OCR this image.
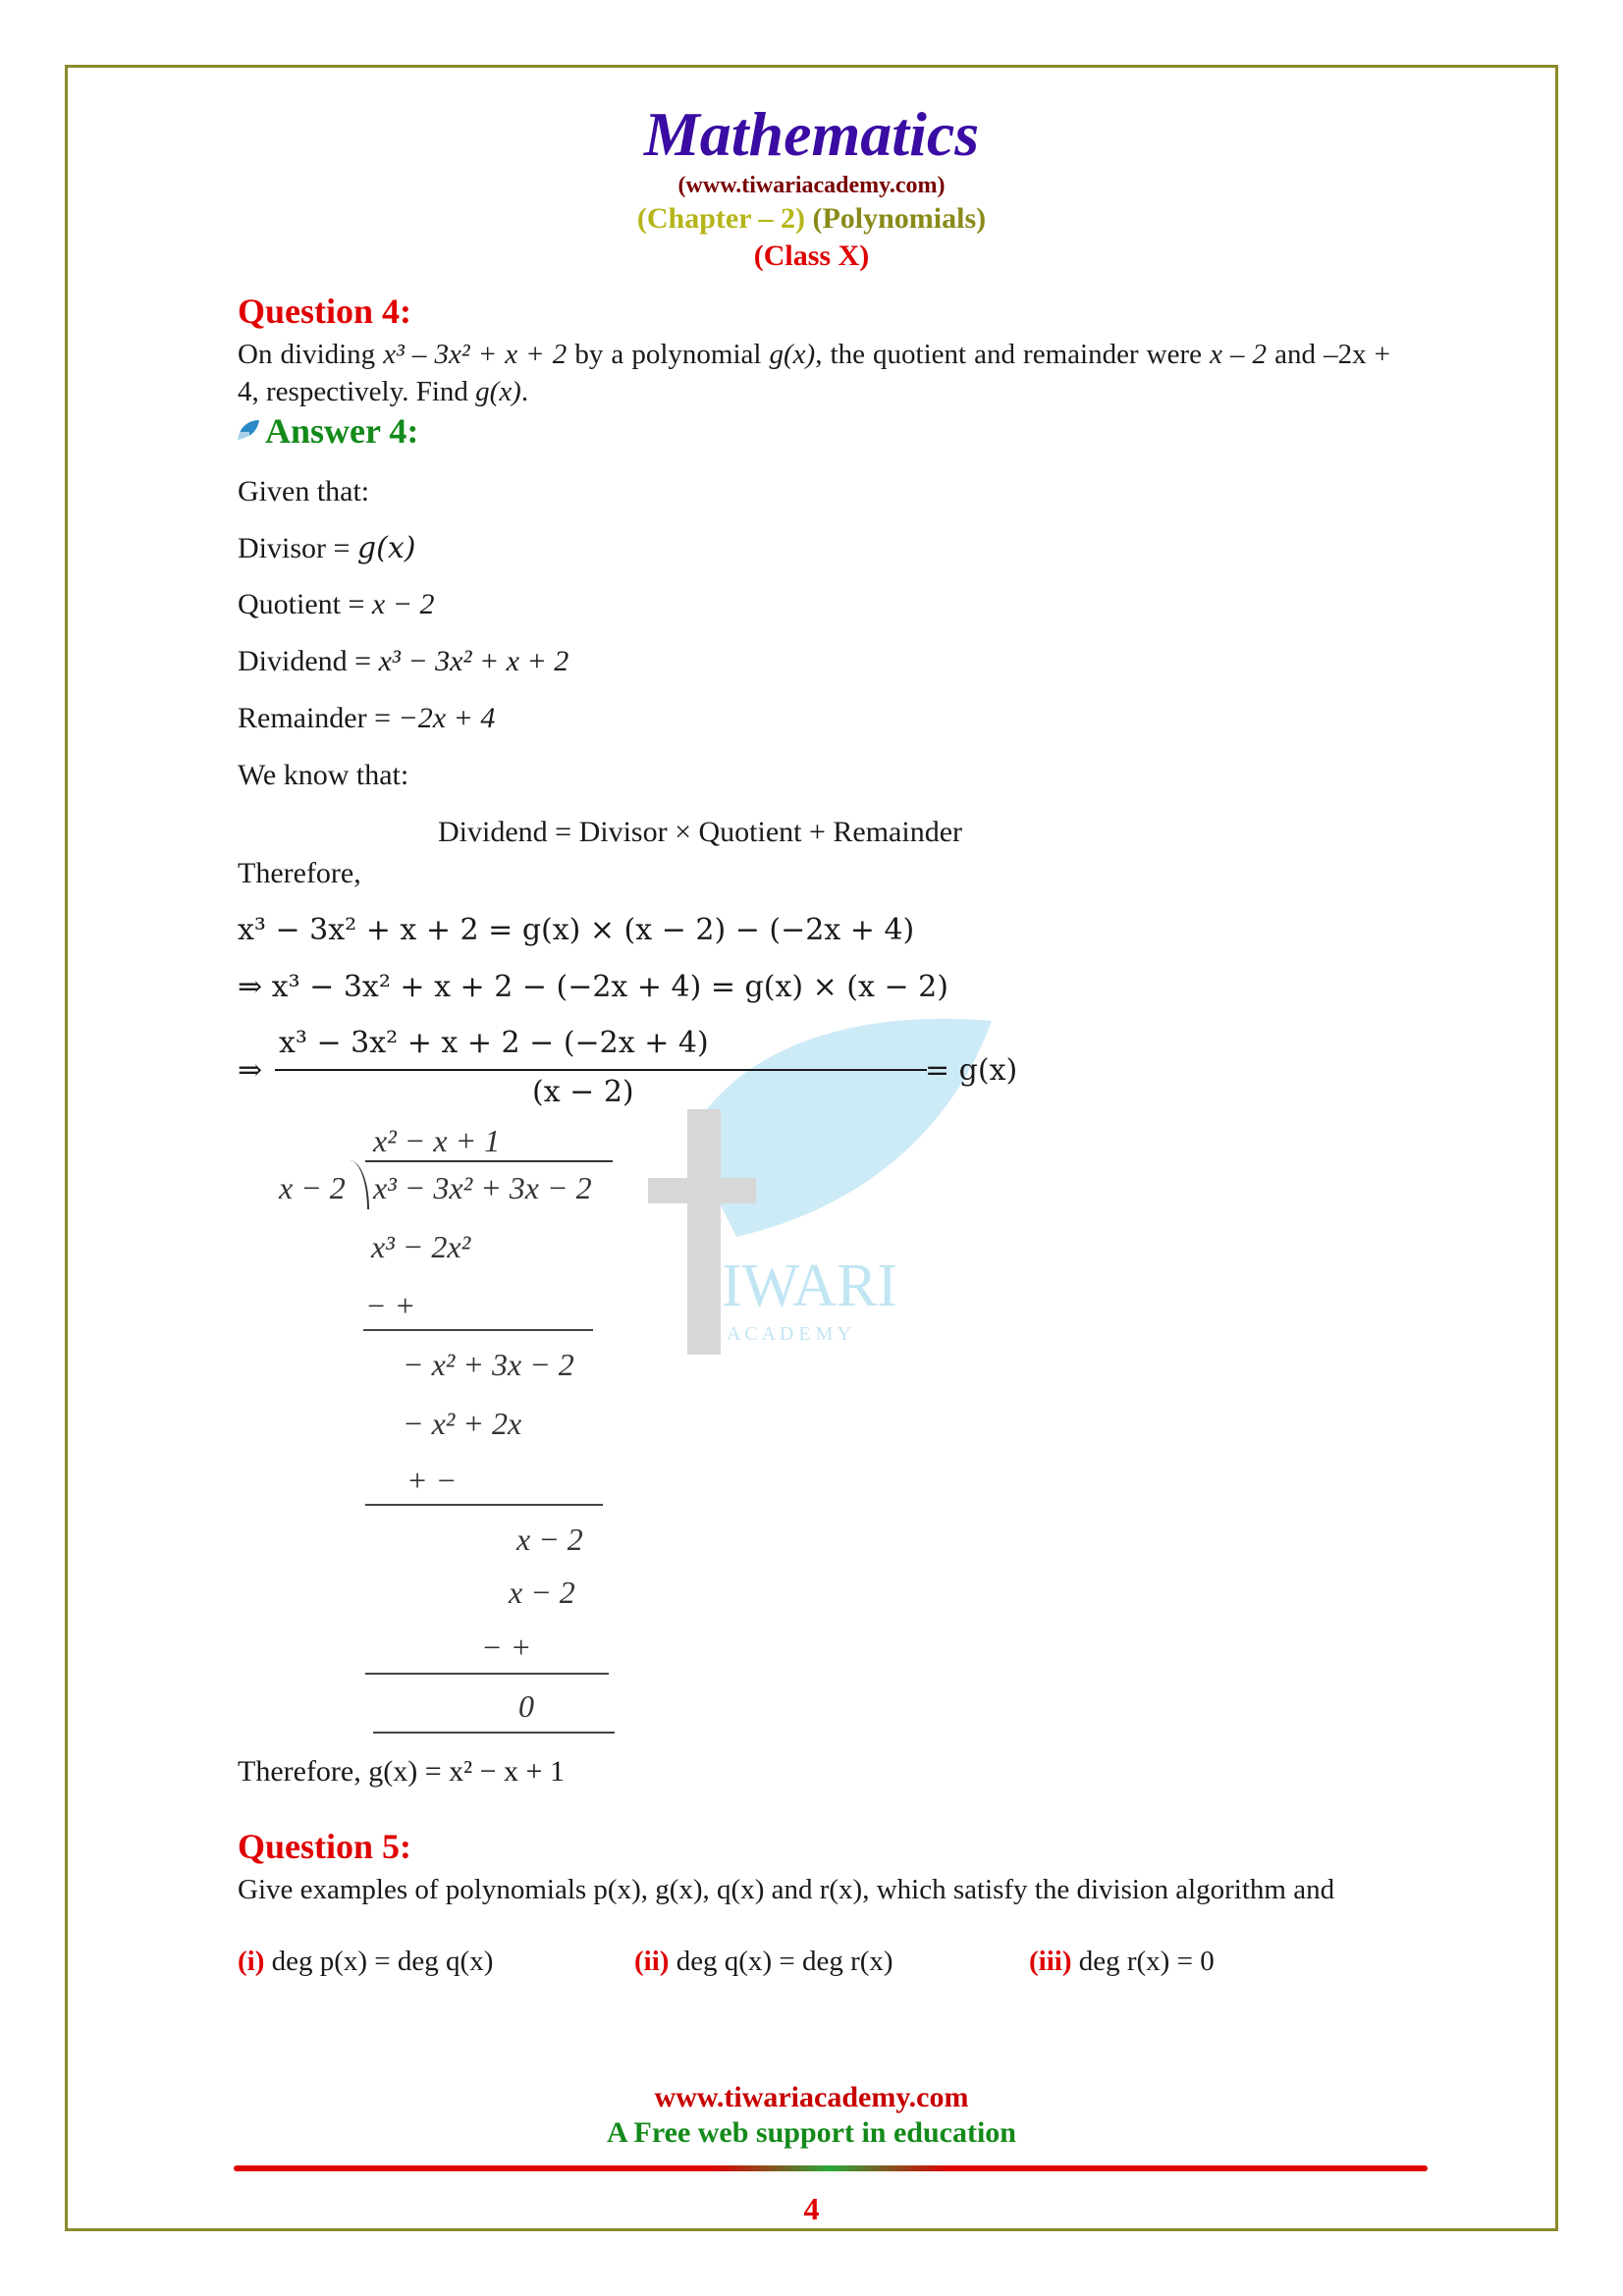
IWARI
A C A D E M Y
Mathematics
(www.tiwariacademy.com)
(Chapter – 2) (Polynomials)
(Class X)
Question 4:
On dividing x³ – 3x² + x + 2 by a polynomial g(x), the quotient and remainder were x – 2 and –2x + 4, respectively. Find g(x).
Answer 4:
Given that:
Divisor = g(x)
Quotient = x − 2
Dividend = x³ − 3x² + x + 2
Remainder = −2x + 4
We know that:
Dividend = Divisor × Quotient + Remainder
Therefore,
x³ − 3x² + x + 2 = g(x) × (x − 2) − (−2x + 4)
⇒ x³ − 3x² + x + 2 − (−2x + 4) = g(x) × (x − 2)
⇒
x³ − 3x² + x + 2 − (−2x + 4)
(x − 2)
= g(x)
x² − x + 1
x − 2 x³ − 3x² + 3x − 2
x³ − 2x²
− +
− x² + 3x − 2
− x² + 2x
+ −
x − 2
x − 2
− +
0
Therefore, g(x) = x² − x + 1
Question 5:
Give examples of polynomials p(x), g(x), q(x) and r(x), which satisfy the division algorithm and
(i) deg p(x) = deg q(x)	(ii) deg q(x) = deg r(x)	(iii) deg r(x) = 0
www.tiwariacademy.com
A Free web support in education
4
